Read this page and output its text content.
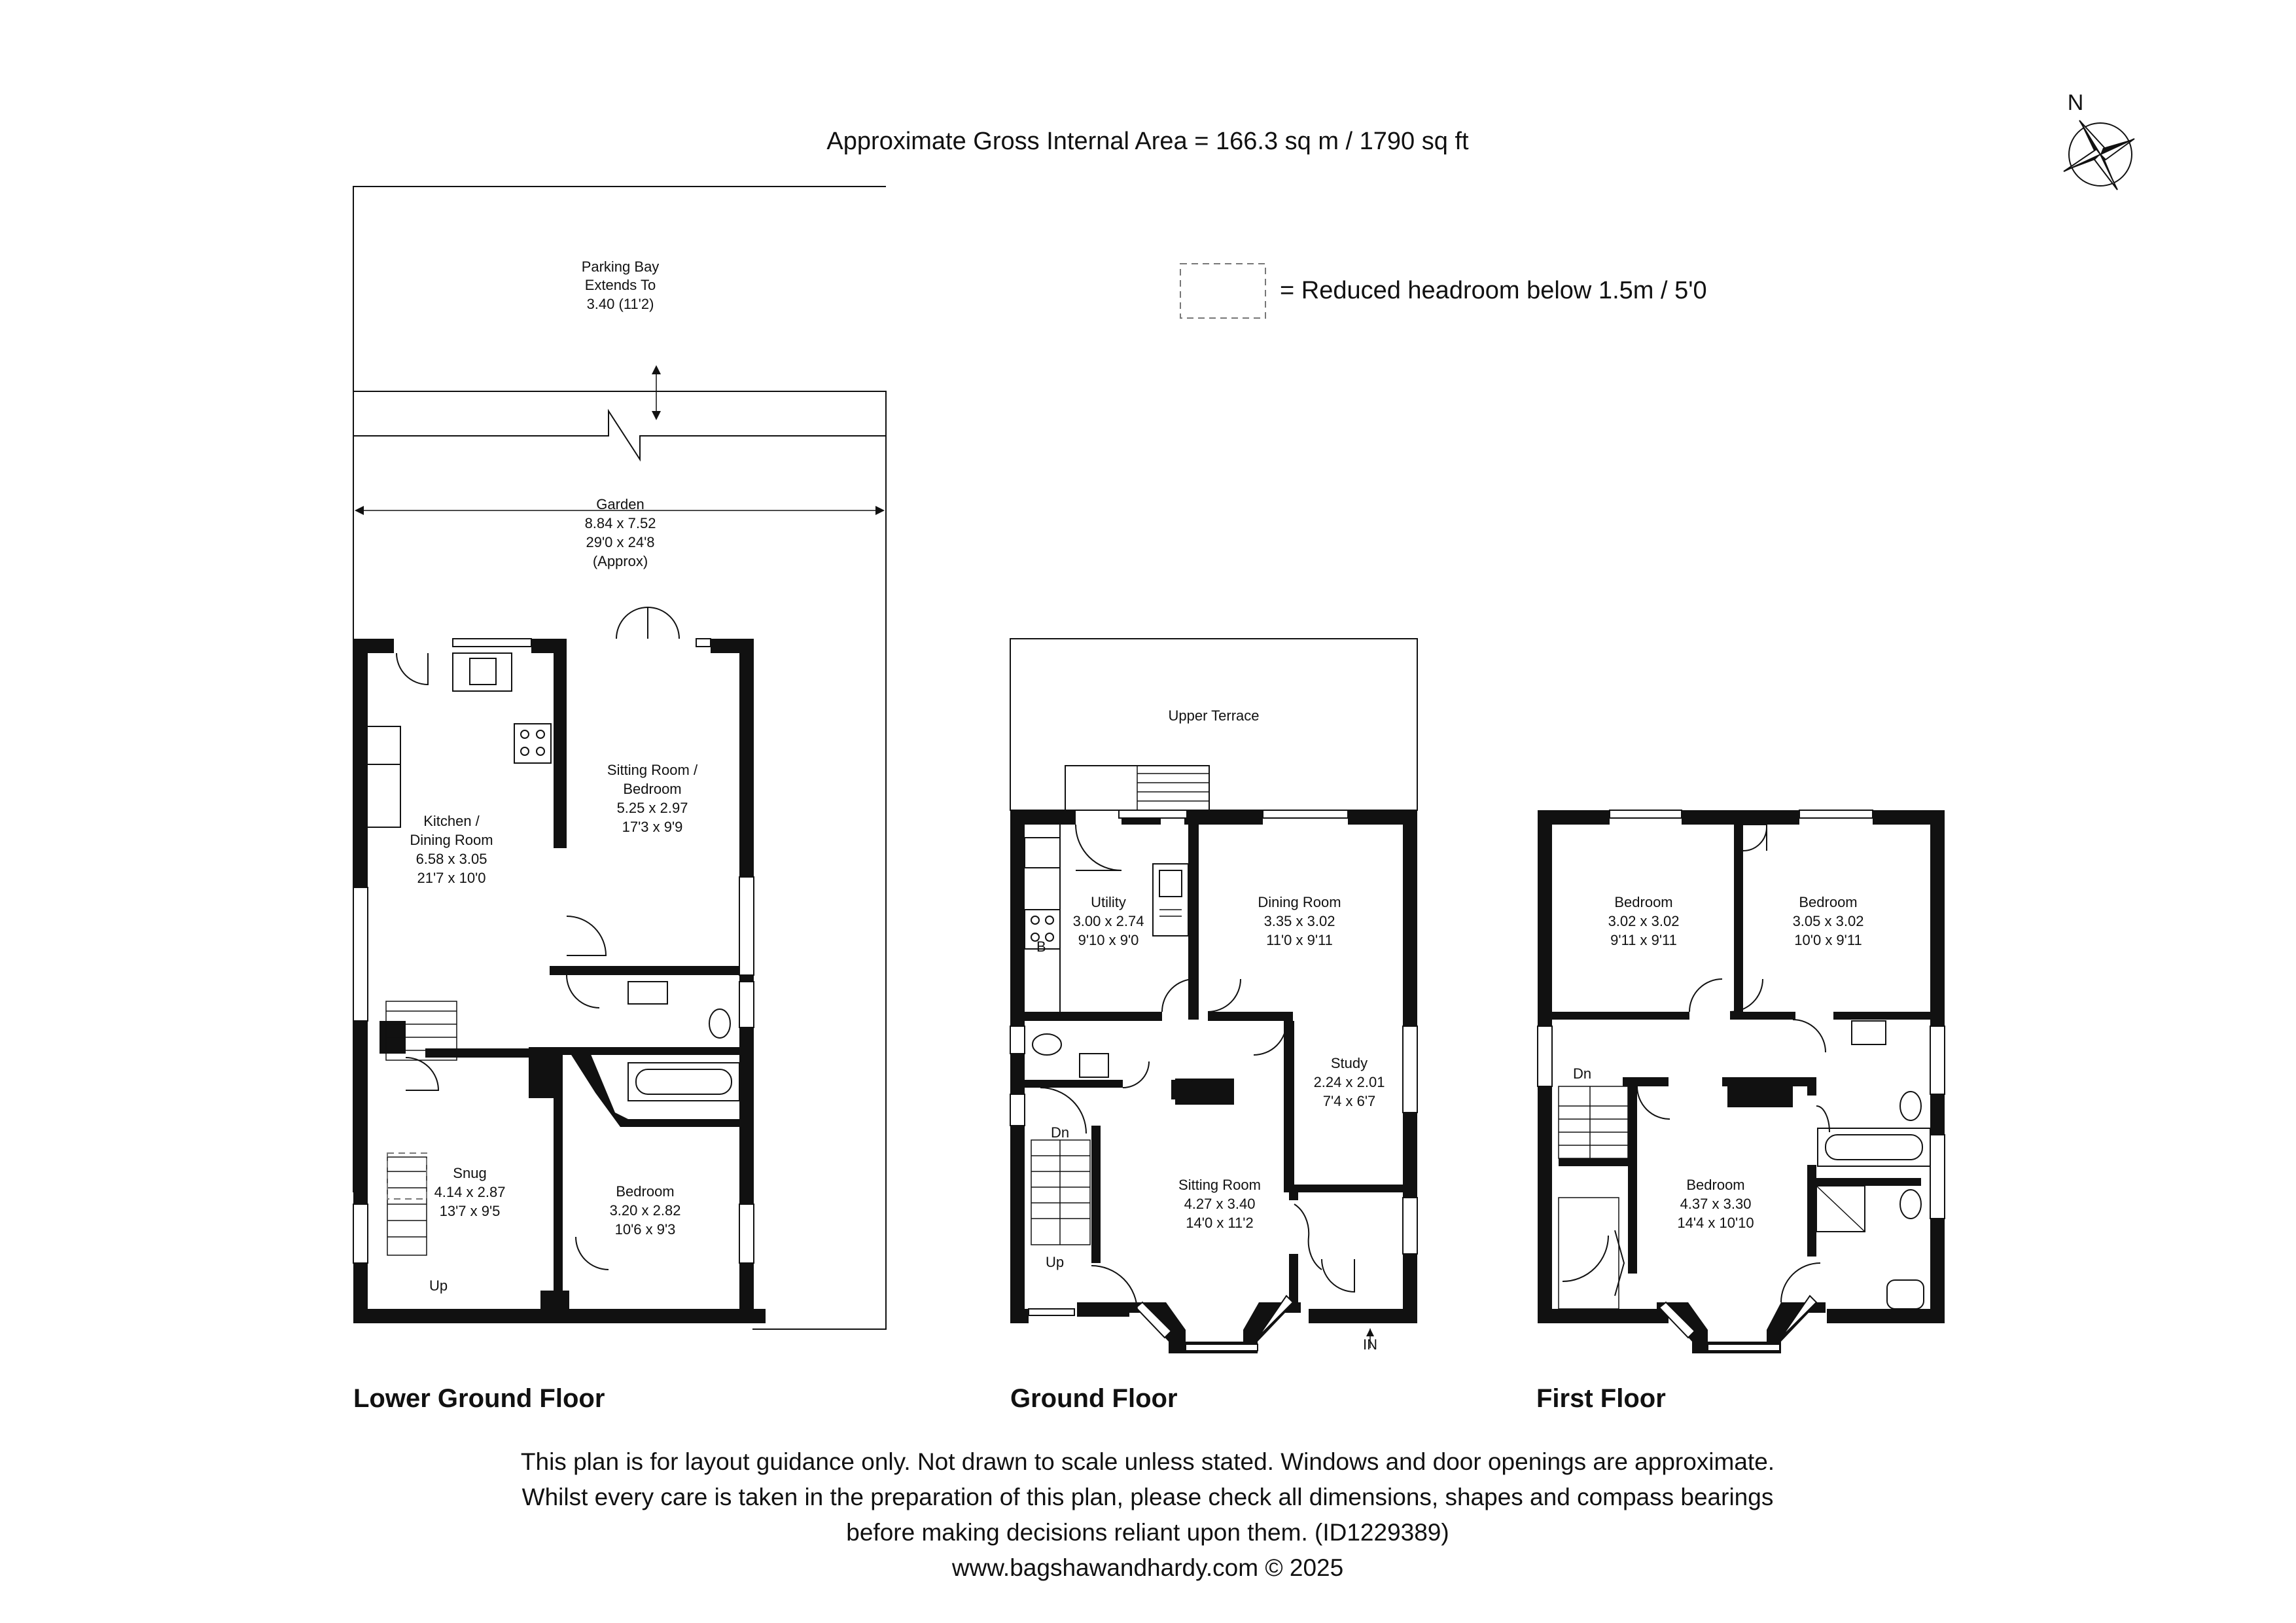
Approximate Gross Internal Area = 166.3 sq m / 1790 sq ft
N
= Reduced headroom below 1.5m / 5'0
Parking Bay
Extends To
3.40 (11'2)
Garden
8.84 x 7.52
29'0 x 24'8
(Approx)
Kitchen /
Dining Room
6.58 x 3.05
21'7 x 10'0
Sitting Room /
Bedroom
5.25 x 2.97
17'3 x 9'9
Snug
4.14 x 2.87
13'7 x 9'5
Bedroom
3.20 x 2.82
10'6 x 9'3
Up
Lower Ground Floor
Upper Terrace
B
Utility
3.00 x 2.74
9'10 x 9'0
Dining Room
3.35 x 3.02
11'0 x 9'11
Study
2.24 x 2.01
7'4 x 6'7
Sitting Room
4.27 x 3.40
14'0 x 11'2
Dn
Up
IN
Ground Floor
Bedroom
3.02 x 3.02
9'11 x 9'11
Bedroom
3.05 x 3.02
10'0 x 9'11
Bedroom
4.37 x 3.30
14'4 x 10'10
Dn
First Floor
This plan is for layout guidance only. Not drawn to scale unless stated. Windows and door openings are approximate.
Whilst every care is taken in the preparation of this plan, please check all dimensions, shapes and compass bearings
before making decisions reliant upon them. (ID1229389)
www.bagshawandhardy.com © 2025
